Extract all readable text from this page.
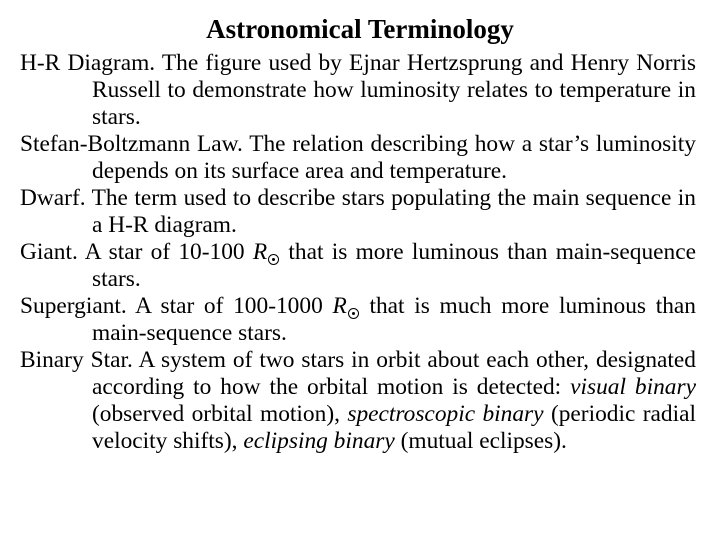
Astronomical Terminology

H-R Diagram. The figure used by Ejnar Hertzsprung and Henry Norris Russell to demonstrate how luminosity relates to temperature in stars.

Stefan-Boltzmann Law. The relation describing how a star’s luminosity depends on its surface area and temperature.

Dwarf. The term used to describe stars populating the main sequence in a H-R diagram.

Giant. A star of 10-100 R that is more luminous than main-sequence stars.

Supergiant. A star of 100-1000 R that is much more luminous than main-sequence stars.

Binary Star. A system of two stars in orbit about each other, designated according to how the orbital motion is detected: visual binary (observed orbital motion), spectroscopic binary (periodic radial velocity shifts), eclipsing binary (mutual eclipses).
